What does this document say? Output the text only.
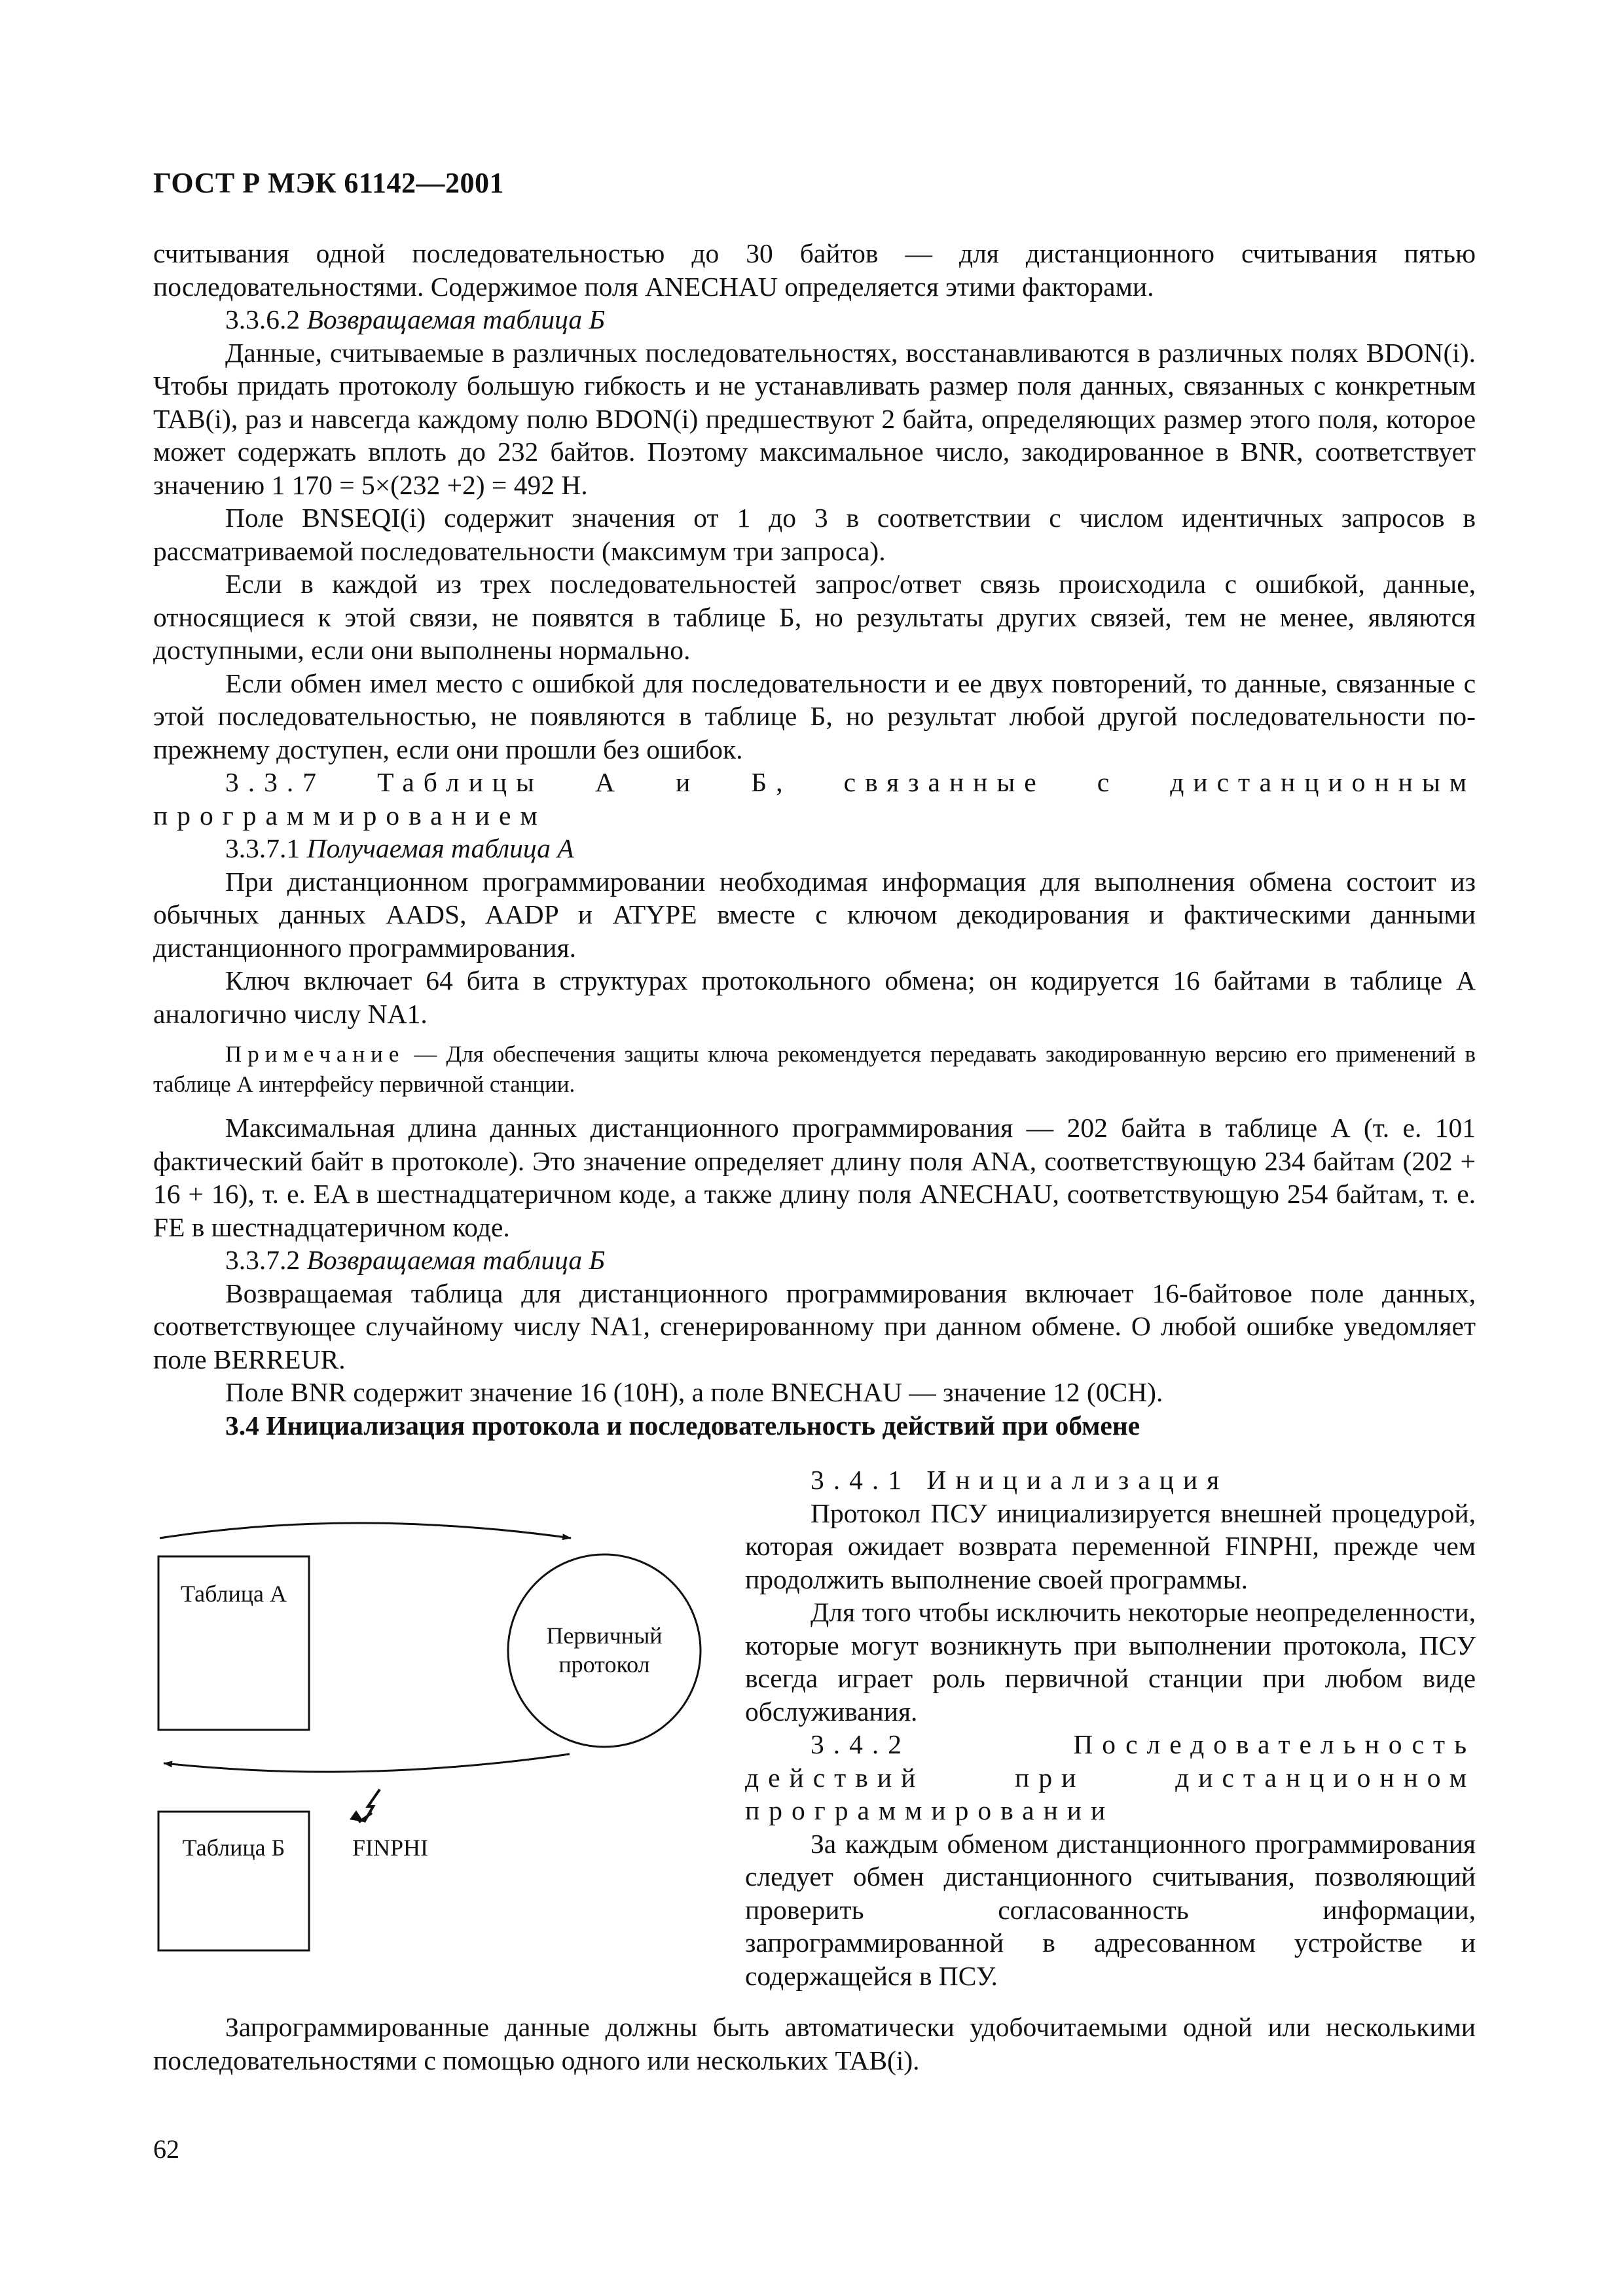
ГОСТ Р МЭК 61142—2001

считывания одной последовательностью до 30 байтов — для дистанционного считывания пятью последовательностями. Содержимое поля ANECHAU определяется этими факторами.

3.3.6.2 Возвращаемая таблица Б

Данные, считываемые в различных последовательностях, восстанавливаются в различных полях BDON(i). Чтобы придать протоколу большую гибкость и не устанавливать размер поля данных, связанных с конкретным TAB(i), раз и навсегда каждому полю BDON(i) предшествуют 2 байта, определяющих размер этого поля, которое может содержать вплоть до 232 байтов. Поэтому максимальное число, закодированное в BNR, соответствует значению 1 170 = 5×(232 +2) = 492 H.

Поле BNSEQI(i) содержит значения от 1 до 3 в соответствии с числом идентичных запросов в рассматриваемой последовательности (максимум три запроса).

Если в каждой из трех последовательностей запрос/ответ связь происходила с ошибкой, данные, относящиеся к этой связи, не появятся в таблице Б, но результаты других связей, тем не менее, являются доступными, если они выполнены нормально.

Если обмен имел место с ошибкой для последовательности и ее двух повторений, то данные, связанные с этой последовательностью, не появляются в таблице Б, но результат любой другой последовательности по-прежнему доступен, если они прошли без ошибок.

3.3.7 Таблицы А и Б, связанные с дистанционным программированием

3.3.7.1 Получаемая таблица А

При дистанционном программировании необходимая информация для выполнения обмена состоит из обычных данных AADS, AADP и ATYPE вместе с ключом декодирования и фактическими данными дистанционного программирования.

Ключ включает 64 бита в структурах протокольного обмена; он кодируется 16 байтами в таблице А аналогично числу NA1.

Примечание — Для обеспечения защиты ключа рекомендуется передавать закодированную версию его применений в таблице А интерфейсу первичной станции.

Максимальная длина данных дистанционного программирования — 202 байта в таблице А (т. е. 101 фактический байт в протоколе). Это значение определяет длину поля ANA, соответствующую 234 байтам (202 + 16 + 16), т. е. EA в шестнадцатеричном коде, а также длину поля ANECHAU, соответствующую 254 байтам, т. е. FE в шестнадцатеричном коде.

3.3.7.2 Возвращаемая таблица Б

Возвращаемая таблица для дистанционного программирования включает 16-байтовое поле данных, соответствующее случайному числу NA1, сгенерированному при данном обмене. О любой ошибке уведомляет поле BERREUR.

Поле BNR содержит значение 16 (10H), а поле BNECHAU — значение 12 (0CH).

3.4 Инициализация протокола и последовательность действий при обмене

Таблица А
Первичный
протокол
Таблица Б	FINPHI

3.4.1 Инициализация

Протокол ПСУ инициализируется внешней процедурой, которая ожидает возврата переменной FINPHI, прежде чем продолжить выполнение своей программы.

Для того чтобы исключить некоторые неопределенности, которые могут возникнуть при выполнении протокола, ПСУ всегда играет роль первичной станции при любом виде обслуживания.

3.4.2 Последовательность действий при дистанционном программировании

За каждым обменом дистанционного программирования следует обмен дистанционного считывания, позволяющий проверить согласованность информации, запрограммированной в адресованном устройстве и содержащейся в ПСУ.

Запрограммированные данные должны быть автоматически удобочитаемыми одной или несколькими последовательностями с помощью одного или нескольких TAB(i).

62
